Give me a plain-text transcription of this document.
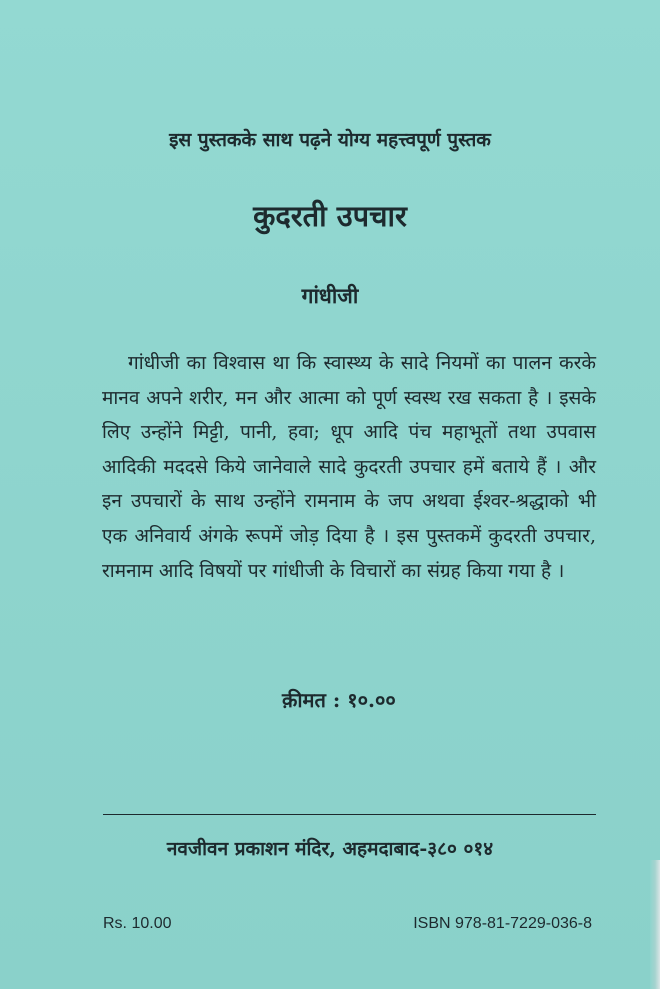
इस पुस्तकके साथ पढ़ने योग्य महत्त्वपूर्ण पुस्तक
कुदरती उपचार
गांधीजी

गांधीजी का विश्वास था कि स्वास्थ्य के सादे नियमों का पालन करके मानव अपने शरीर, मन और आत्मा को पूर्ण स्वस्थ रख सकता है । इसके लिए उन्होंने मिट्टी, पानी, हवा; धूप आदि पंच महाभूतों तथा उपवास आदिकी मददसे किये जानेवाले सादे कुदरती उपचार हमें बताये हैं । और इन उपचारों के साथ उन्होंने रामनाम के जप अथवा ईश्वर-श्रद्धाको भी एक अनिवार्य अंगके रूपमें जोड़ दिया है । इस पुस्तकमें कुदरती उपचार, रामनाम आदि विषयों पर गांधीजी के विचारों का संग्रह किया गया है ।

क़ीमत : १०.००
नवजीवन प्रकाशन मंदिर, अहमदाबाद-३८० ०१४
Rs. 10.00	ISBN 978-81-7229-036-8
